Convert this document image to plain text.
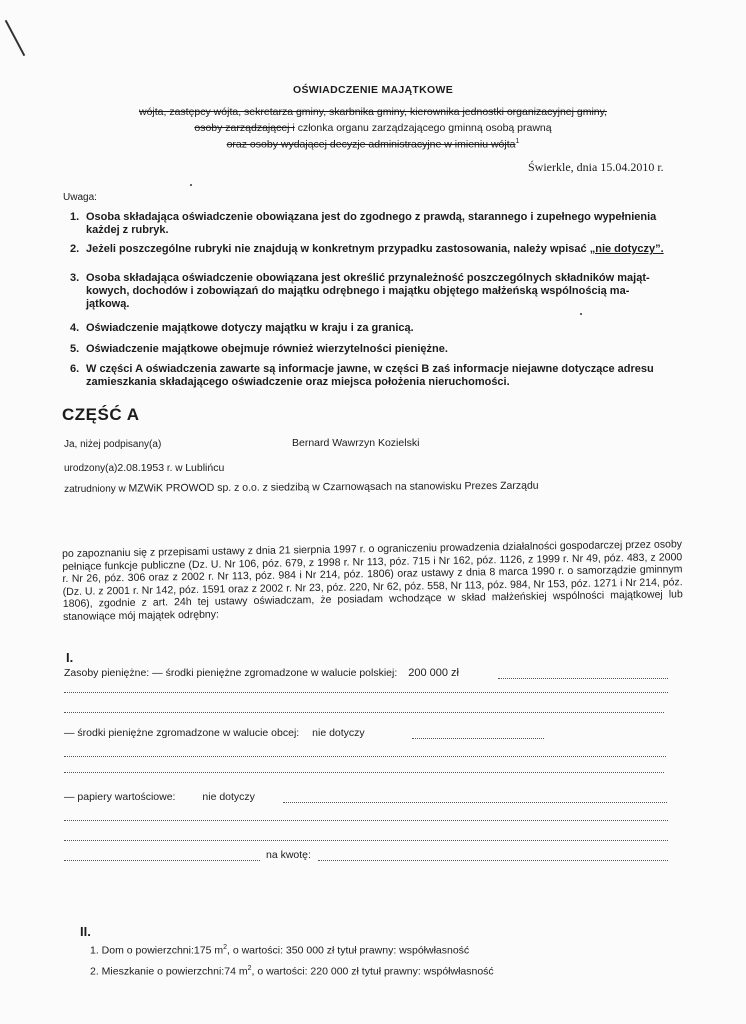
OŚWIADCZENIE MAJĄTKOWE
wójta, zastępcy wójta, sekretarza gminy, skarbnika gminy, kierownika jednostki organizacyjnej gminy,
osoby zarządzającej i członka organu zarządzającego gminną osobą prawną
oraz osoby wydającej decyzje administracyjne w imieniu wójta$^1$
Świerklе, dnia 15.04.2010 r.
Uwaga:
1. Osoba składająca oświadczenie obowiązana jest do zgodnego z prawdą, starannego i zupełnego wypełnienia
każdej z rubryk.
2. Jeżeli poszczególne rubryki nie znajdują w konkretnym przypadku zastosowania, należy wpisać „nie dotyczy”.
3. Osoba składająca oświadczenie obowiązana jest określić przynależność poszczególnych składników mająt-
kowych, dochodów i zobowiązań do majątku odrębnego i majątku objętego małżeńską wspólnością ma-
jątkową.
4. Oświadczenie majątkowe dotyczy majątku w kraju i za granicą.
5. Oświadczenie majątkowe obejmuje również wierzytelności pieniężne.
6. W części A oświadczenia zawarte są informacje jawne, w części B zaś informacje niejawne dotyczące adresu
zamieszkania składającego oświadczenie oraz miejsca położenia nieruchomości.
CZĘŚĆ A
Ja, niżej podpisany(a)	Bernard Wawrzyn Kozielski
urodzony(a)2.08.1953 r. w Lublińcu
zatrudniony w MZWiK PROWOD sp. z o.o. z siedzibą w Czarnowąsach na stanowisku Prezes Zarządu
po zapoznaniu się z przepisami ustawy z dnia 21 sierpnia 1997 r. o ograniczeniu prowadzenia działalności gospodarczej przez osoby pełniące funkcje publiczne (Dz. U. Nr 106, póz. 679, z 1998 r. Nr 113, póz. 715 i Nr 162, póz. 1126, z 1999 r. Nr 49, póz. 483, z 2000 r. Nr 26, póz. 306 oraz z 2002 r. Nr 113, póz. 984 i Nr 214, póz. 1806) oraz ustawy z dnia 8 marca 1990 r. o samorządzie gminnym (Dz. U. z 2001 r. Nr 142, póz. 1591 oraz z 2002 r. Nr 23, póz. 220, Nr 62, póz. 558, Nr 113, póz. 984, Nr 153, póz. 1271 i Nr 214, póz. 1806), zgodnie z art. 24h tej ustawy oświadczam, że posiadam wchodzące w skład małżeńskiej wspólności majątkowej lub stanowiące mój majątek odrębny:
I.
Zasoby pieniężne: — środki pieniężne zgromadzone w walucie polskiej: 200 000 zł
— środki pieniężne zgromadzone w walucie obcej: nie dotyczy
— papiery wartościowe:	nie dotyczy
na kwotę:
II.
1. Dom o powierzchni:175 $m^2$, o wartości: 350 000 zł tytuł prawny: współwłasność
2. Mieszkanie o powierzchni:74 $m^2$, o wartości: 220 000 zł tytuł prawny: współwłasność
